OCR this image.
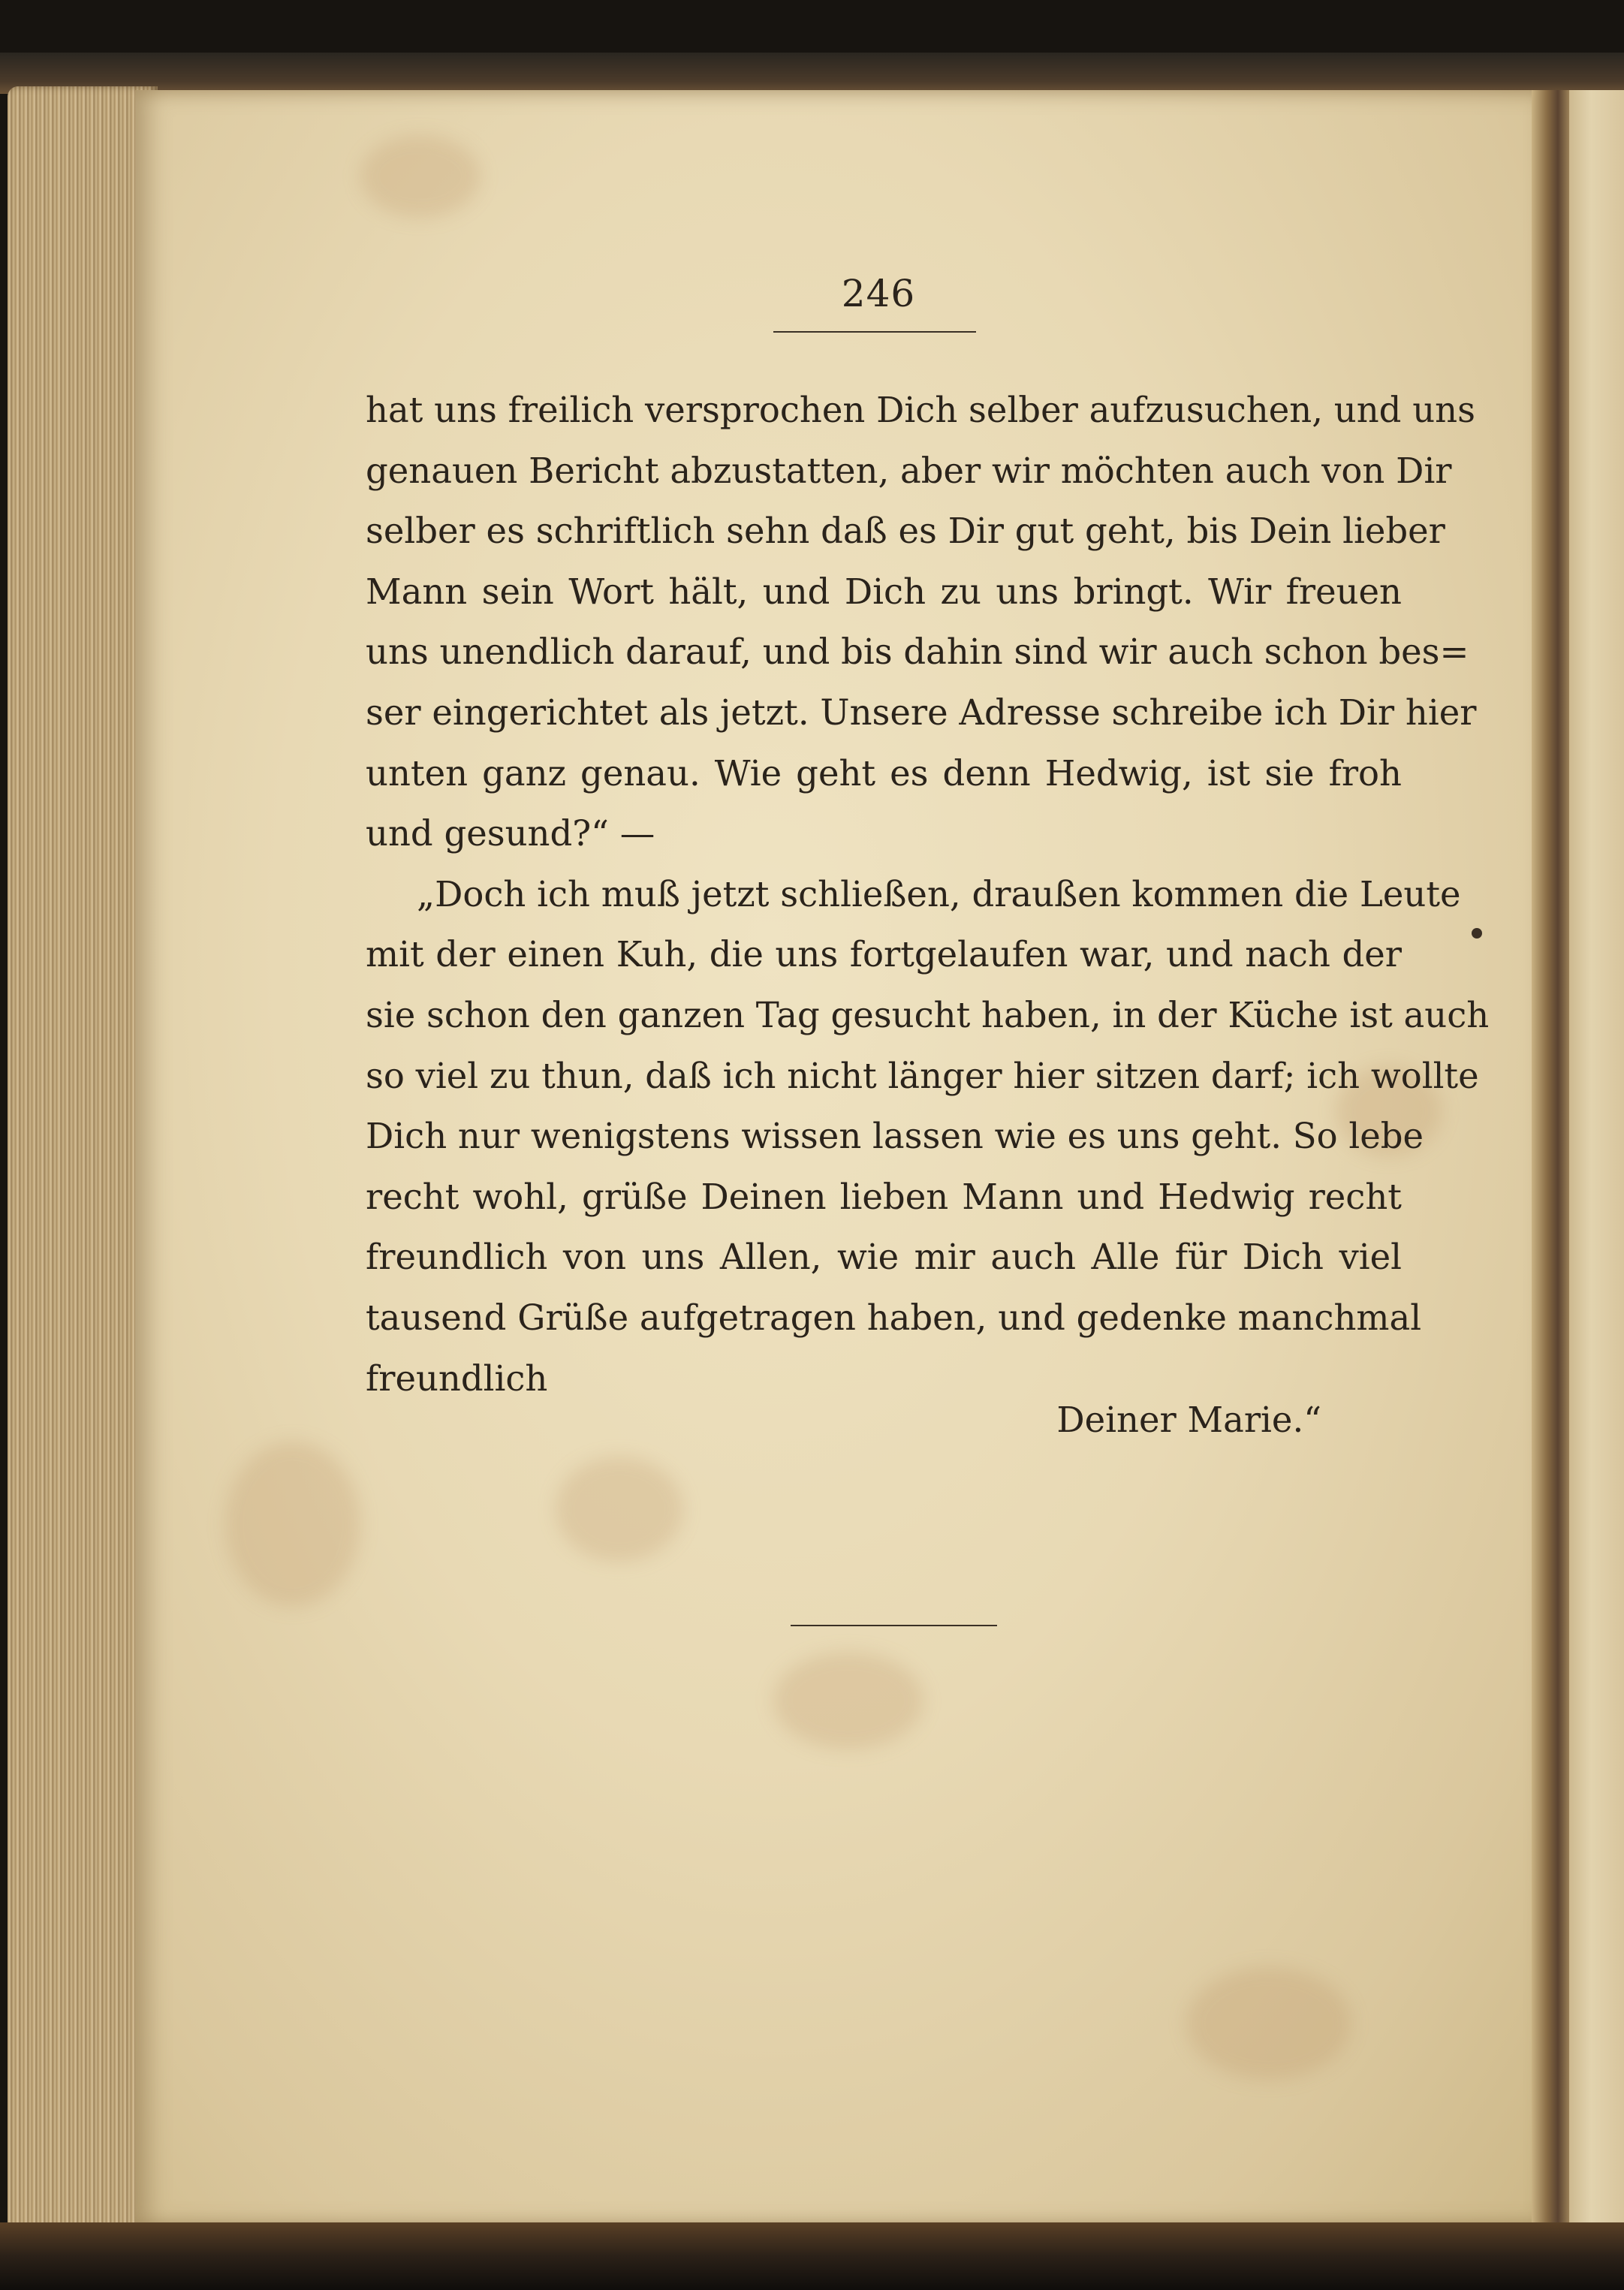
246
hat uns freilich versprochen Dich selber aufzusuchen, und uns
genauen Bericht abzustatten, aber wir möchten auch von Dir
selber es schriftlich sehn daß es Dir gut geht, bis Dein lieber
Mann sein Wort hält, und Dich zu uns bringt. Wir freuen
uns unendlich darauf, und bis dahin sind wir auch schon bes=
ser eingerichtet als jetzt. Unsere Adresse schreibe ich Dir hier
unten ganz genau. Wie geht es denn Hedwig, ist sie froh
und gesund?“ —
„Doch ich muß jetzt schließen, draußen kommen die Leute
mit der einen Kuh, die uns fortgelaufen war, und nach der
sie schon den ganzen Tag gesucht haben, in der Küche ist auch
so viel zu thun, daß ich nicht länger hier sitzen darf; ich wollte
Dich nur wenigstens wissen lassen wie es uns geht. So lebe
recht wohl, grüße Deinen lieben Mann und Hedwig recht
freundlich von uns Allen, wie mir auch Alle für Dich viel
tausend Grüße aufgetragen haben, und gedenke manchmal
freundlich
Deiner Marie.“
